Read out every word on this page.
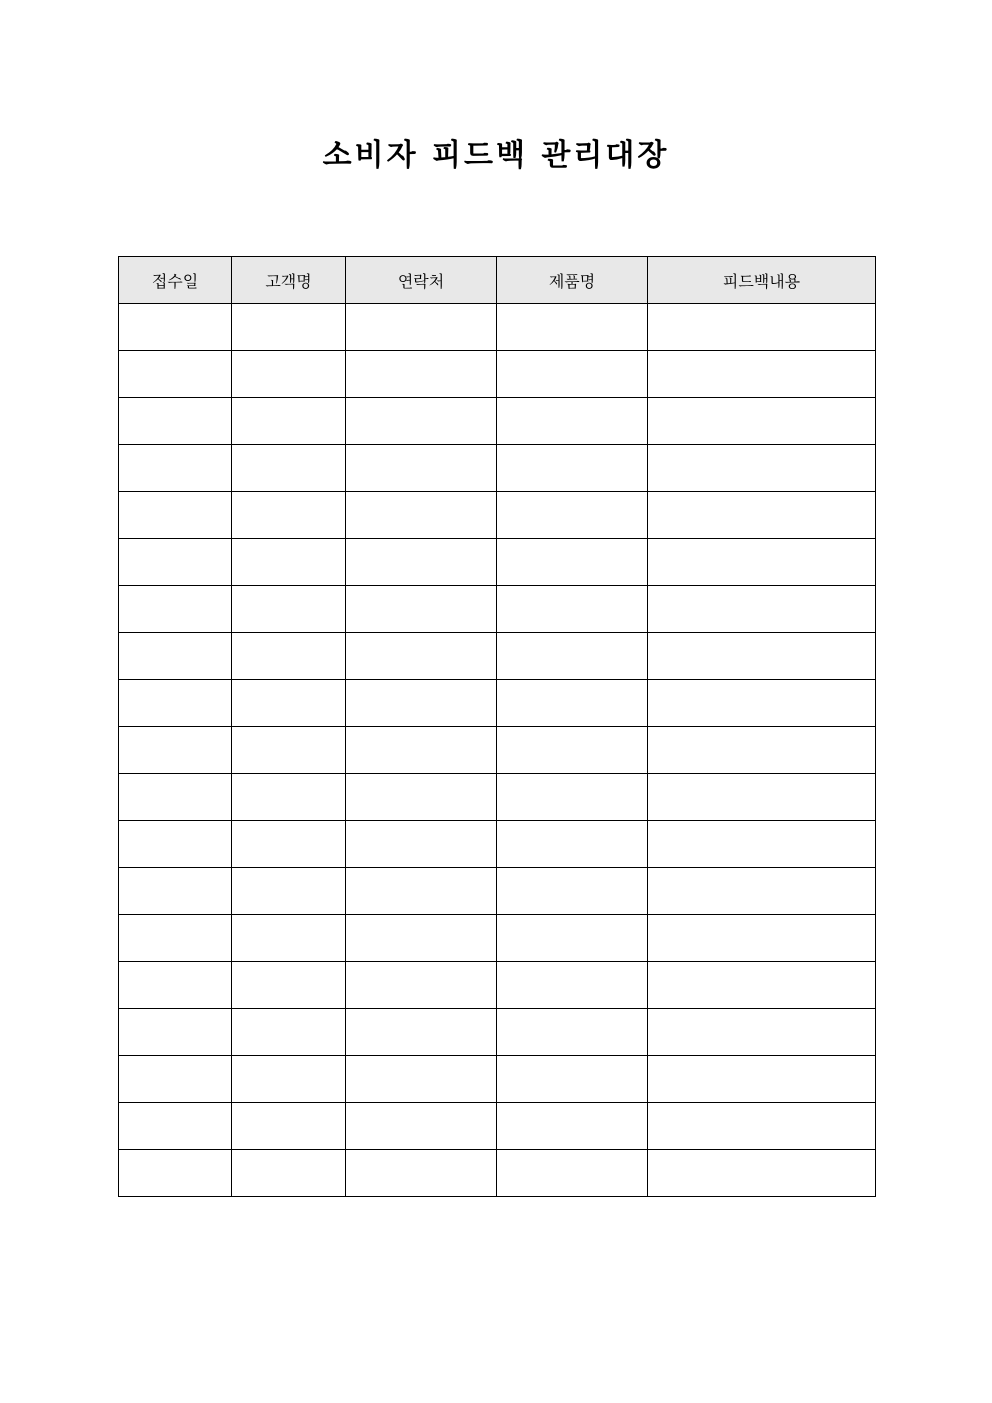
소비자 피드백 관리대장
접수일	고객명	연락처	제품명	피드백내용
